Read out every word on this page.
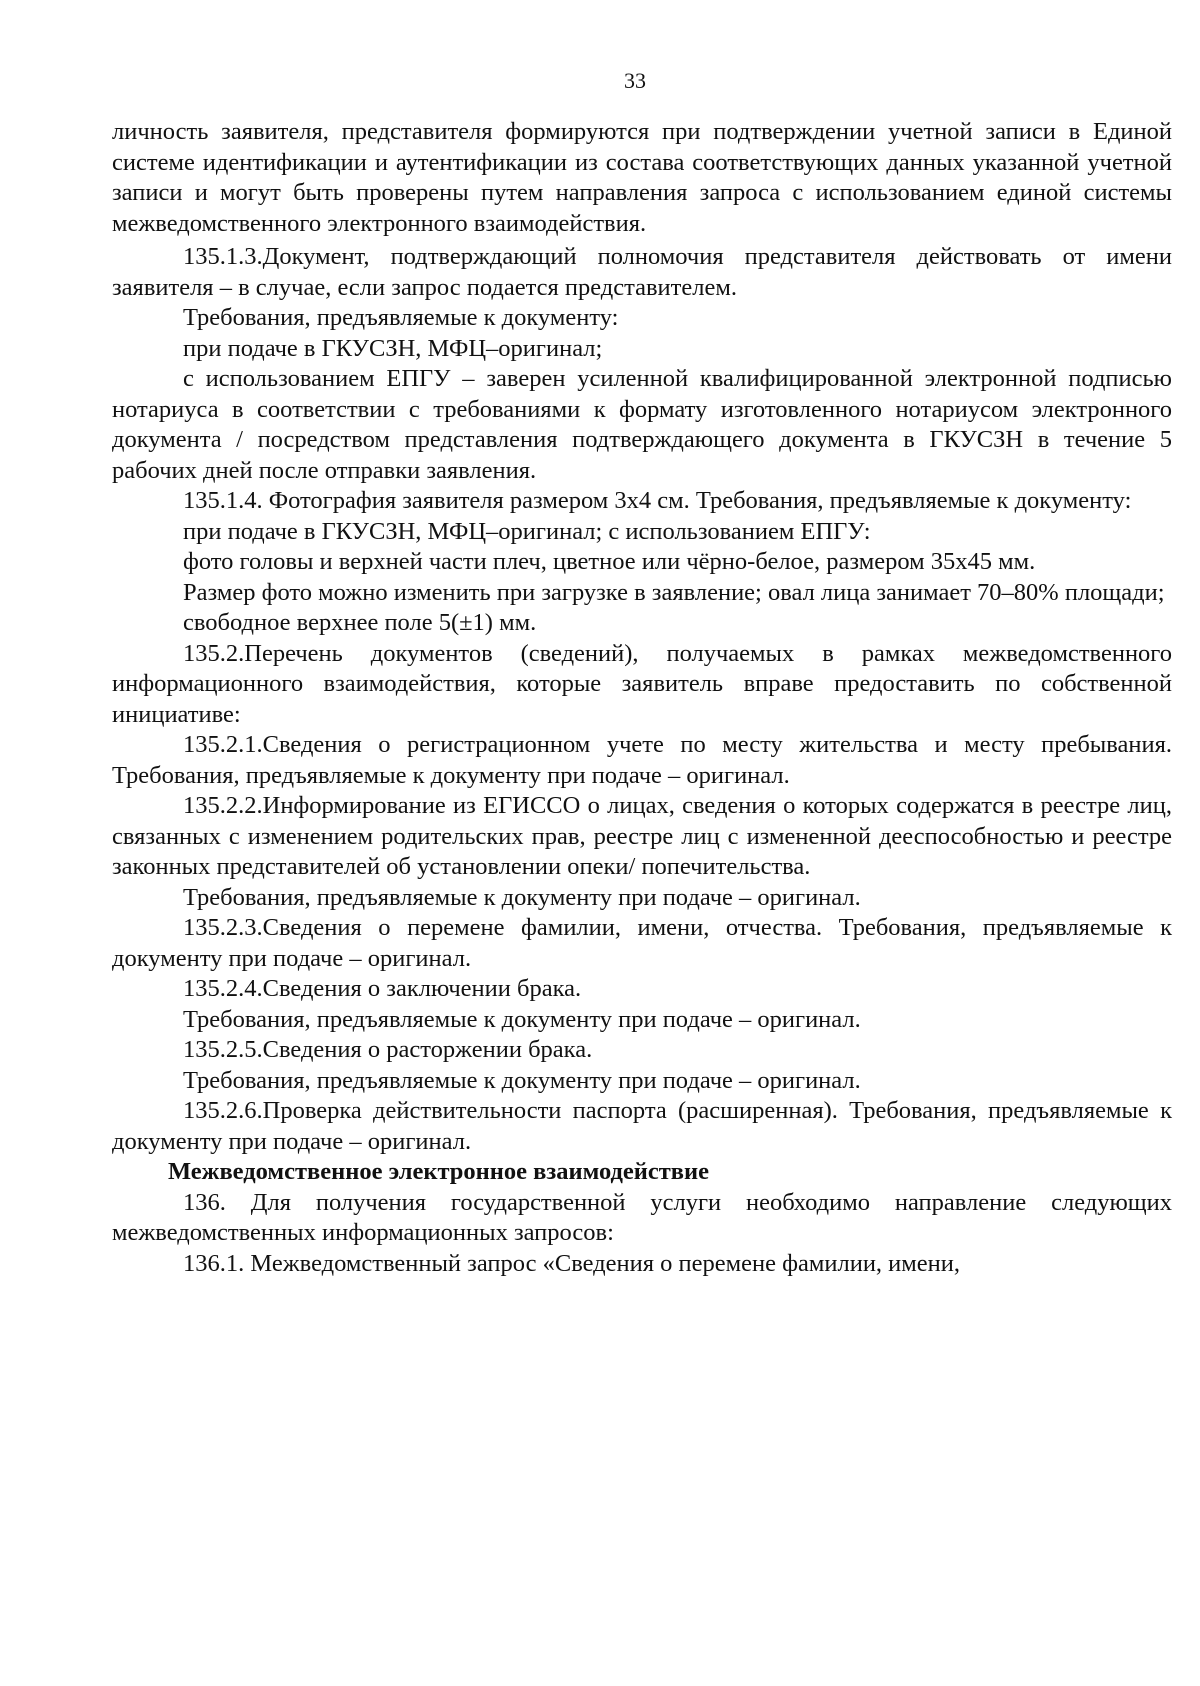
33

личность заявителя, представителя формируются при подтверждении учетной записи в Единой системе идентификации и аутентификации из состава соответствующих данных указанной учетной записи и могут быть проверены путем направления запроса с использованием единой системы межведомственного электронного взаимодействия.

135.1.3.Документ, подтверждающий полномочия представителя действовать от имени заявителя – в случае, если запрос подается представителем.

Требования, предъявляемые к документу:

при подаче в ГКУСЗН, МФЦ–оригинал;

с использованием ЕПГУ – заверен усиленной квалифицированной электронной подписью нотариуса в соответствии с требованиями к формату изготовленного нотариусом электронного документа / посредством представления подтверждающего документа в ГКУСЗН в течение 5 рабочих дней после отправки заявления.

135.1.4. Фотография заявителя размером 3х4 см. Требования, предъявляемые к документу:

при подаче в ГКУСЗН, МФЦ–оригинал; с использованием ЕПГУ:

фото головы и верхней части плеч, цветное или чёрно-белое, размером 35х45 мм.

Размер фото можно изменить при загрузке в заявление; овал лица занимает 70–80% площади;

свободное верхнее поле 5(±1) мм.

135.2.Перечень документов (сведений), получаемых в рамках межведомственного информационного взаимодействия, которые заявитель вправе предоставить по собственной инициативе:

135.2.1.Сведения о регистрационном учете по месту жительства и месту пребывания. Требования, предъявляемые к документу при подаче – оригинал.

135.2.2.Информирование из ЕГИССО о лицах, сведения о которых содержатся в реестре лиц, связанных с изменением родительских прав, реестре лиц с измененной дееспособностью и реестре законных представителей об установлении опеки/ попечительства.

Требования, предъявляемые к документу при подаче – оригинал.

135.2.3.Сведения о перемене фамилии, имени, отчества. Требования, предъявляемые к документу при подаче – оригинал.

135.2.4.Сведения о заключении брака.

Требования, предъявляемые к документу при подаче – оригинал.

135.2.5.Сведения о расторжении брака.

Требования, предъявляемые к документу при подаче – оригинал.

135.2.6.Проверка действительности паспорта (расширенная). Требования, предъявляемые к документу при подаче – оригинал.

Межведомственное электронное взаимодействие

136. Для получения государственной услуги необходимо направление следующих межведомственных информационных запросов:

136.1. Межведомственный запрос «Сведения о перемене фамилии, имени,
